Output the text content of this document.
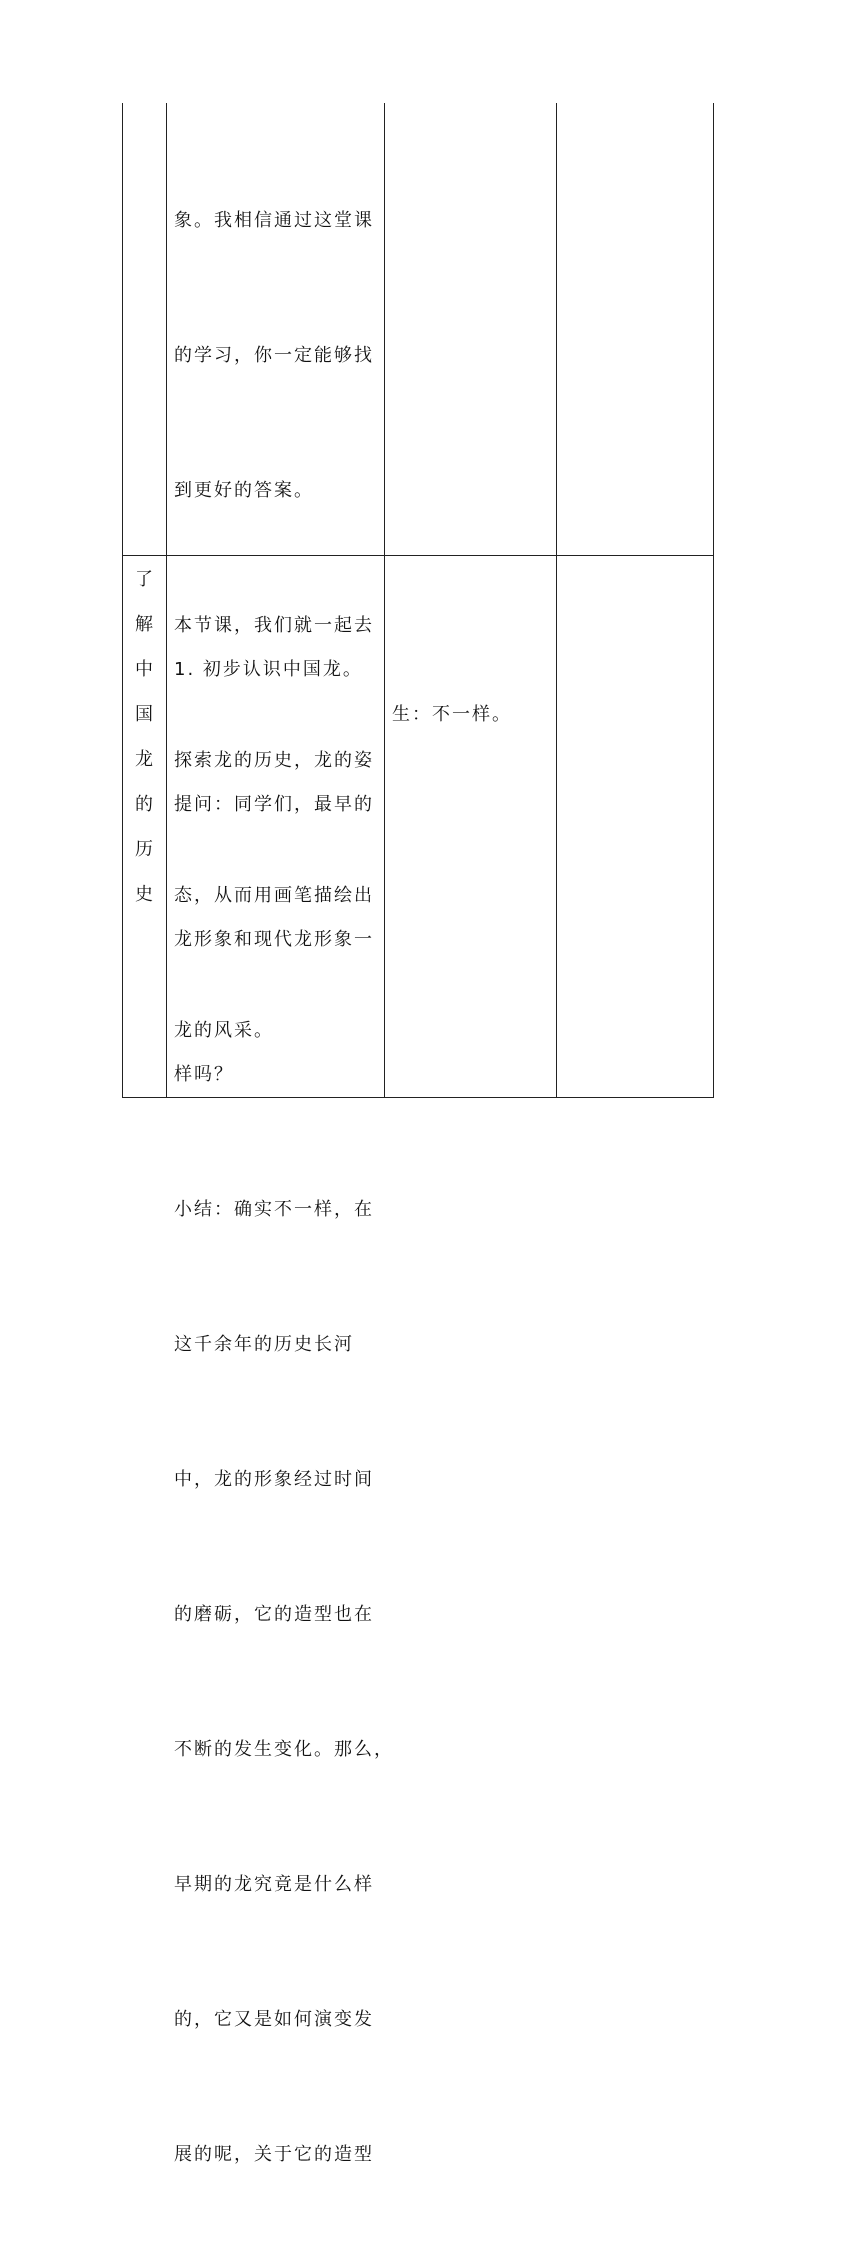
象。我相信通过这堂课

的学习，你一定能够找

到更好的答案。

本节课，我们就一起去

探索龙的历史，龙的姿

态，从而用画笔描绘出

龙的风采。

了
解
中
国
龙
的
历
史

1. 初步认识中国龙。

提问：同学们，最早的

龙形象和现代龙形象一

样吗？

小结：确实不一样，在

这千余年的历史长河

中，龙的形象经过时间

的磨砺，它的造型也在

不断的发生变化。那么，

早期的龙究竟是什么样

的，它又是如何演变发

展的呢，关于它的造型

生：不一样。
